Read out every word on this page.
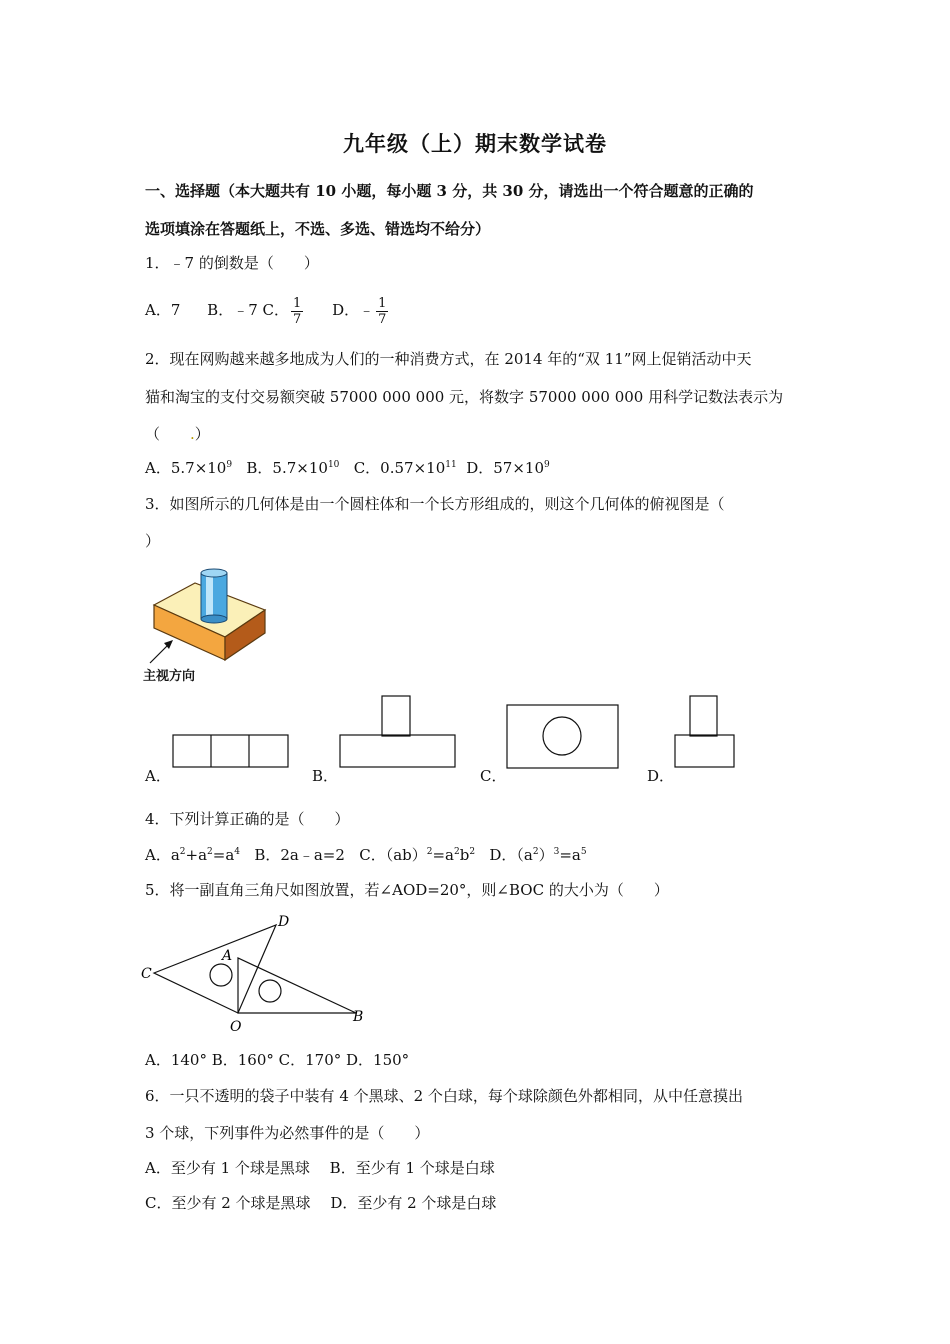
九年级（上）期末数学试卷
一、选择题（本大题共有 10 小题，每小题 3 分，共 30 分，请选出一个符合题意的正确的
选项填涂在答题纸上，不选、多选、错选均不给分）
1．﹣7 的倒数是（　　）
A．7 B．﹣7 C． $\frac{1}{7}$ D．﹣ $\frac{1}{7}$
2．现在网购越来越多地成为人们的一种消费方式，在 2014 年的“双 11”网上促销活动中天
猫和淘宝的支付交易额突破 57000 000 000 元，将数字 57000 000 000 用科学记数法表示为
（　　.）
A．$5.7\times 10^9$ B．$5.7\times 10^{10}$ C．$0.57\times 10^{11}$ D．$57\times 10^9$
3．如图所示的几何体是由一个圆柱体和一个长方形组成的，则这个几何体的俯视图是（
）
主视方向
A．	B．	C．	D．
4．下列计算正确的是（　　）
A．$a^2+a^2=a^4$ B．2a﹣a=2 C．$(ab)^2=a^2b^2$ D．$(a^2)^3=a^5$
5．将一副直角三角尺如图放置，若∠AOD=20°，则∠BOC 的大小为（　　）
C
A
D
O
B
A．140° B．160° C．170° D．150°
6．一只不透明的袋子中装有 4 个黑球、2 个白球，每个球除颜色外都相同，从中任意摸出
3 个球，下列事件为必然事件的是（　　）
A．至少有 1 个球是黑球　 B．至少有 1 个球是白球
C．至少有 2 个球是黑球　 D．至少有 2 个球是白球
